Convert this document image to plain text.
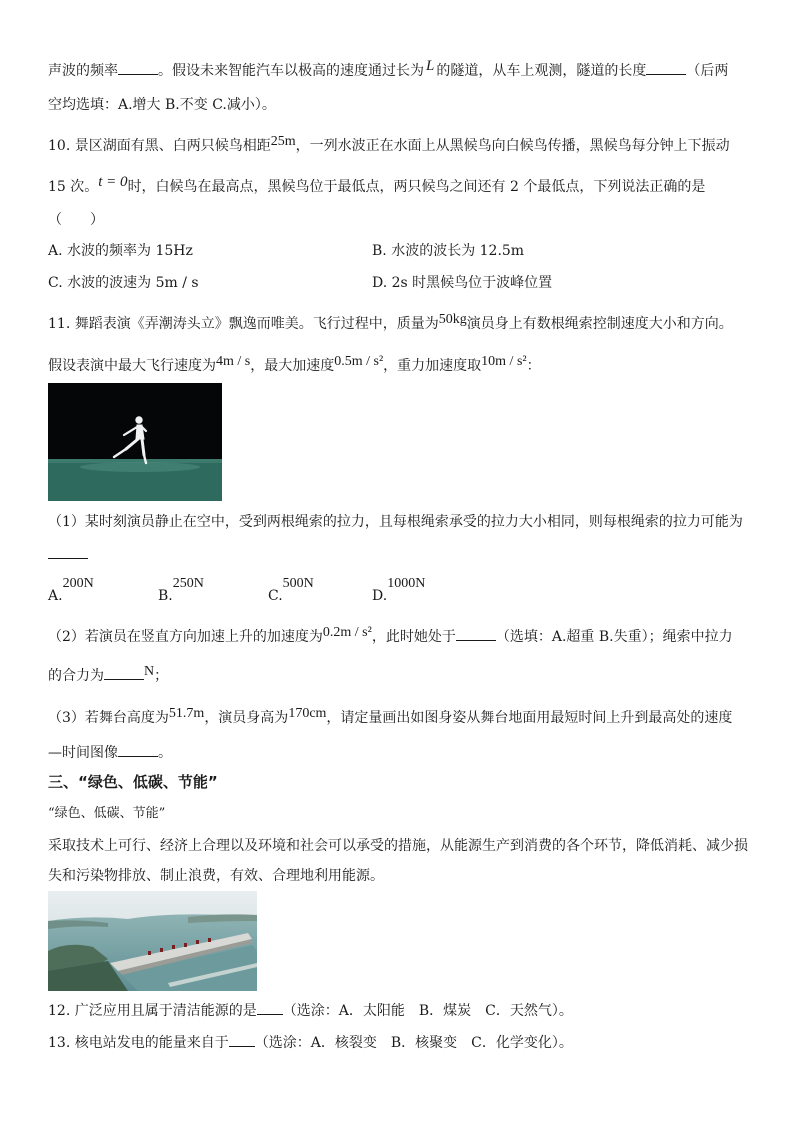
声波的频率	。假设未来智能汽车以极高的速度通过长为 L 的隧道，从车上观测，隧道的长度	（后两
空均选填：A.增大 B.不变 C.减小）。
10. 景区湖面有黑、白两只候鸟相距25m，一列水波正在水面上从黑候鸟向白候鸟传播，黑候鸟每分钟上下振动
15 次。t = 0时，白候鸟在最高点，黑候鸟位于最低点，两只候鸟之间还有 2 个最低点，下列说法正确的是
（　　）
A. 水波的频率为 15Hz	B. 水波的波长为 12.5m
C. 水波的波速为 5m / s	D. 2s 时黑候鸟位于波峰位置
11. 舞蹈表演《弄潮涛头立》飘逸而唯美。飞行过程中，质量为50kg演员身上有数根绳索控制速度大小和方向。
假设表演中最大飞行速度为4m / s，最大加速度0.5m / s²，重力加速度取10m / s²：
（1）某时刻演员静止在空中，受到两根绳索的拉力，且每根绳索承受的拉力大小相同，则每根绳索的拉力可能为
A.200N
B.250N
C.500N
D.1000N
（2）若演员在竖直方向加速上升的加速度为0.2m / s²，此时她处于	（选填：A.超重 B.失重）；绳索中拉力
的合力为	N；
（3）若舞台高度为51.7m，演员身高为170cm，请定量画出如图身姿从舞台地面用最短时间上升到最高处的速度
—时间图像	。
三、“绿色、低碳、节能”
“绿色、低碳、节能”
采取技术上可行、经济上合理以及环境和社会可以承受的措施，从能源生产到消费的各个环节，降低消耗、减少损
失和污染物排放、制止浪费，有效、合理地利用能源。
12. 广泛应用且属于清洁能源的是 （选涂：A．太阳能　B．煤炭　C．天然气）。
13. 核电站发电的能量来自于 （选涂：A．核裂变　B．核聚变　C．化学变化）。
